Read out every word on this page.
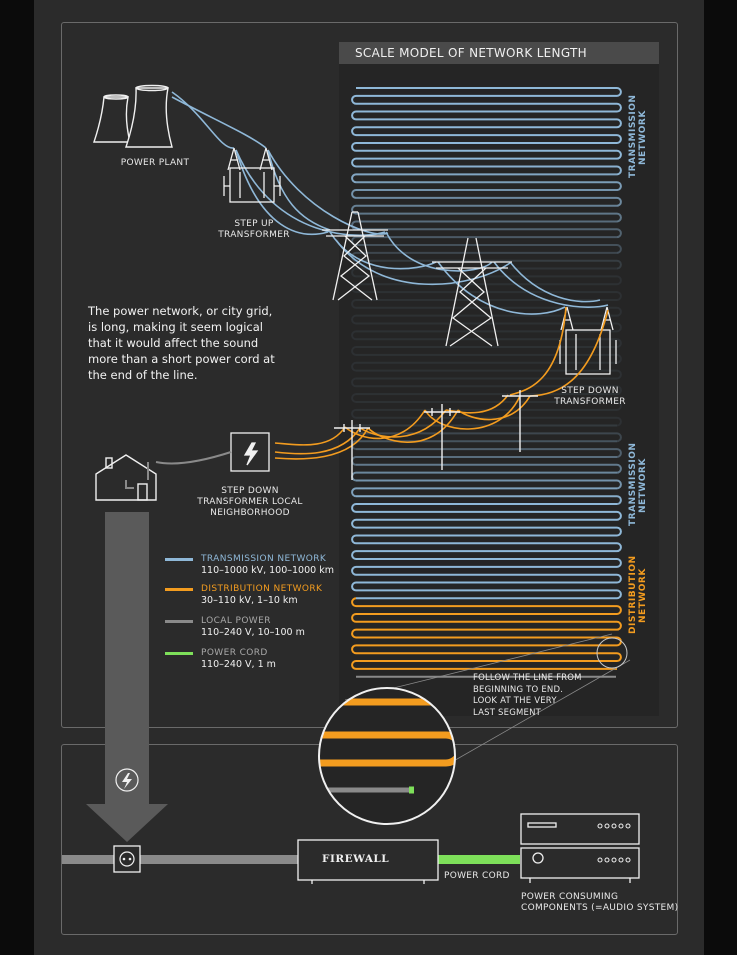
SCALE MODEL OF NETWORK LENGTH
POWER PLANT
STEP UP
TRANSFORMER
STEP DOWN
TRANSFORMER
STEP DOWN
TRANSFORMER LOCAL
NEIGHBORHOOD
The power network, or city grid, is long, making it seem logical that it would affect the sound more than a short power cord at the end of the line.
TRANSMISSION
NETWORK
TRANSMISSION
NETWORK
DISTRIBUTION
NETWORK
TRANSMISSION NETWORK
110–1000 kV, 100–1000 km
DISTRIBUTION NETWORK
30–110 kV, 1–10 km
LOCAL POWER
110–240 V, 10–100 m
POWER CORD
110–240 V, 1 m
FOLLOW THE LINE FROM
BEGINNING TO END.
LOOK AT THE VERY
LAST SEGMENT
FIREWALL
POWER CORD
POWER CONSUMING
COMPONENTS (=AUDIO SYSTEM)
